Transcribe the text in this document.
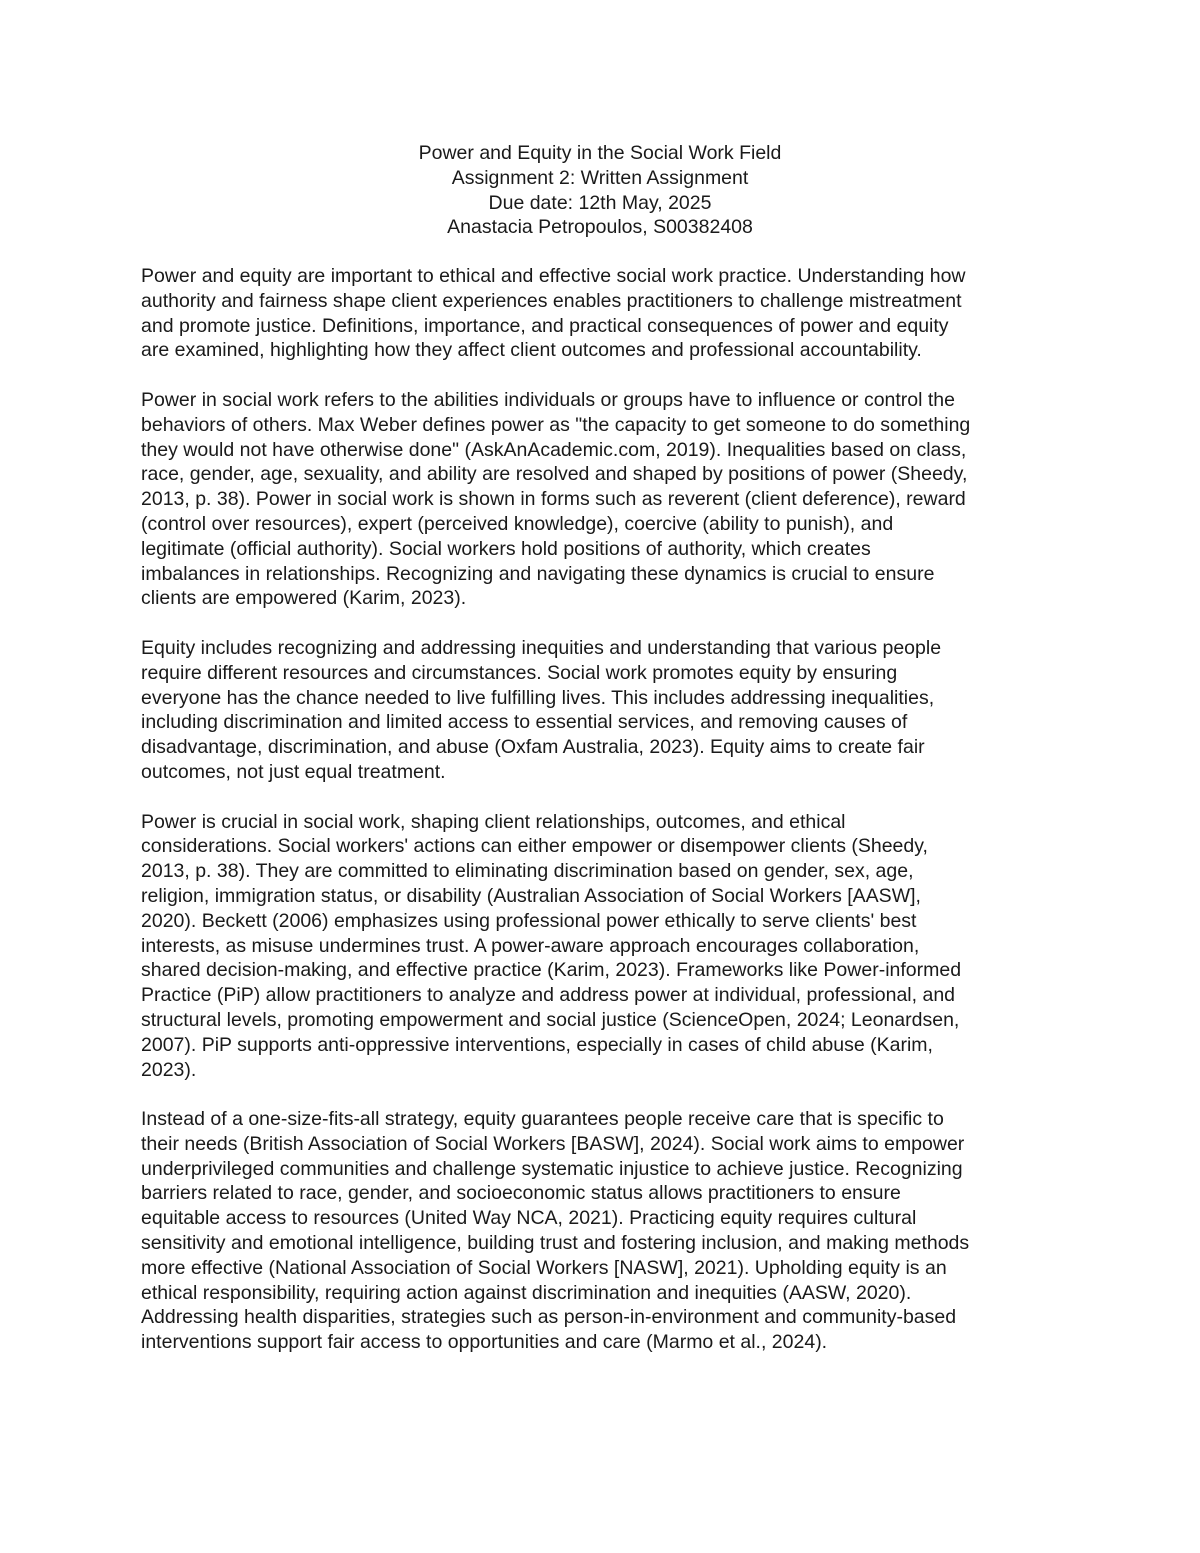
Power and Equity in the Social Work Field
Assignment 2: Written Assignment
Due date: 12th May, 2025
Anastacia Petropoulos, S00382408

Power and equity are important to ethical and effective social work practice. Understanding how
authority and fairness shape client experiences enables practitioners to challenge mistreatment
and promote justice. Definitions, importance, and practical consequences of power and equity
are examined, highlighting how they affect client outcomes and professional accountability.

Power in social work refers to the abilities individuals or groups have to influence or control the
behaviors of others. Max Weber defines power as "the capacity to get someone to do something
they would not have otherwise done" (AskAnAcademic.com, 2019). Inequalities based on class,
race, gender, age, sexuality, and ability are resolved and shaped by positions of power (Sheedy,
2013, p. 38). Power in social work is shown in forms such as reverent (client deference), reward
(control over resources), expert (perceived knowledge), coercive (ability to punish), and
legitimate (official authority). Social workers hold positions of authority, which creates
imbalances in relationships. Recognizing and navigating these dynamics is crucial to ensure
clients are empowered (Karim, 2023).

Equity includes recognizing and addressing inequities and understanding that various people
require different resources and circumstances. Social work promotes equity by ensuring
everyone has the chance needed to live fulfilling lives. This includes addressing inequalities,
including discrimination and limited access to essential services, and removing causes of
disadvantage, discrimination, and abuse (Oxfam Australia, 2023). Equity aims to create fair
outcomes, not just equal treatment.

Power is crucial in social work, shaping client relationships, outcomes, and ethical
considerations. Social workers' actions can either empower or disempower clients (Sheedy,
2013, p. 38). They are committed to eliminating discrimination based on gender, sex, age,
religion, immigration status, or disability (Australian Association of Social Workers [AASW],
2020). Beckett (2006) emphasizes using professional power ethically to serve clients' best
interests, as misuse undermines trust. A power-aware approach encourages collaboration,
shared decision-making, and effective practice (Karim, 2023). Frameworks like Power-informed
Practice (PiP) allow practitioners to analyze and address power at individual, professional, and
structural levels, promoting empowerment and social justice (ScienceOpen, 2024; Leonardsen,
2007). PiP supports anti-oppressive interventions, especially in cases of child abuse (Karim,
2023).

Instead of a one-size-fits-all strategy, equity guarantees people receive care that is specific to
their needs (British Association of Social Workers [BASW], 2024). Social work aims to empower
underprivileged communities and challenge systematic injustice to achieve justice. Recognizing
barriers related to race, gender, and socioeconomic status allows practitioners to ensure
equitable access to resources (United Way NCA, 2021). Practicing equity requires cultural
sensitivity and emotional intelligence, building trust and fostering inclusion, and making methods
more effective (National Association of Social Workers [NASW], 2021). Upholding equity is an
ethical responsibility, requiring action against discrimination and inequities (AASW, 2020).
Addressing health disparities, strategies such as person-in-environment and community-based
interventions support fair access to opportunities and care (Marmo et al., 2024).
